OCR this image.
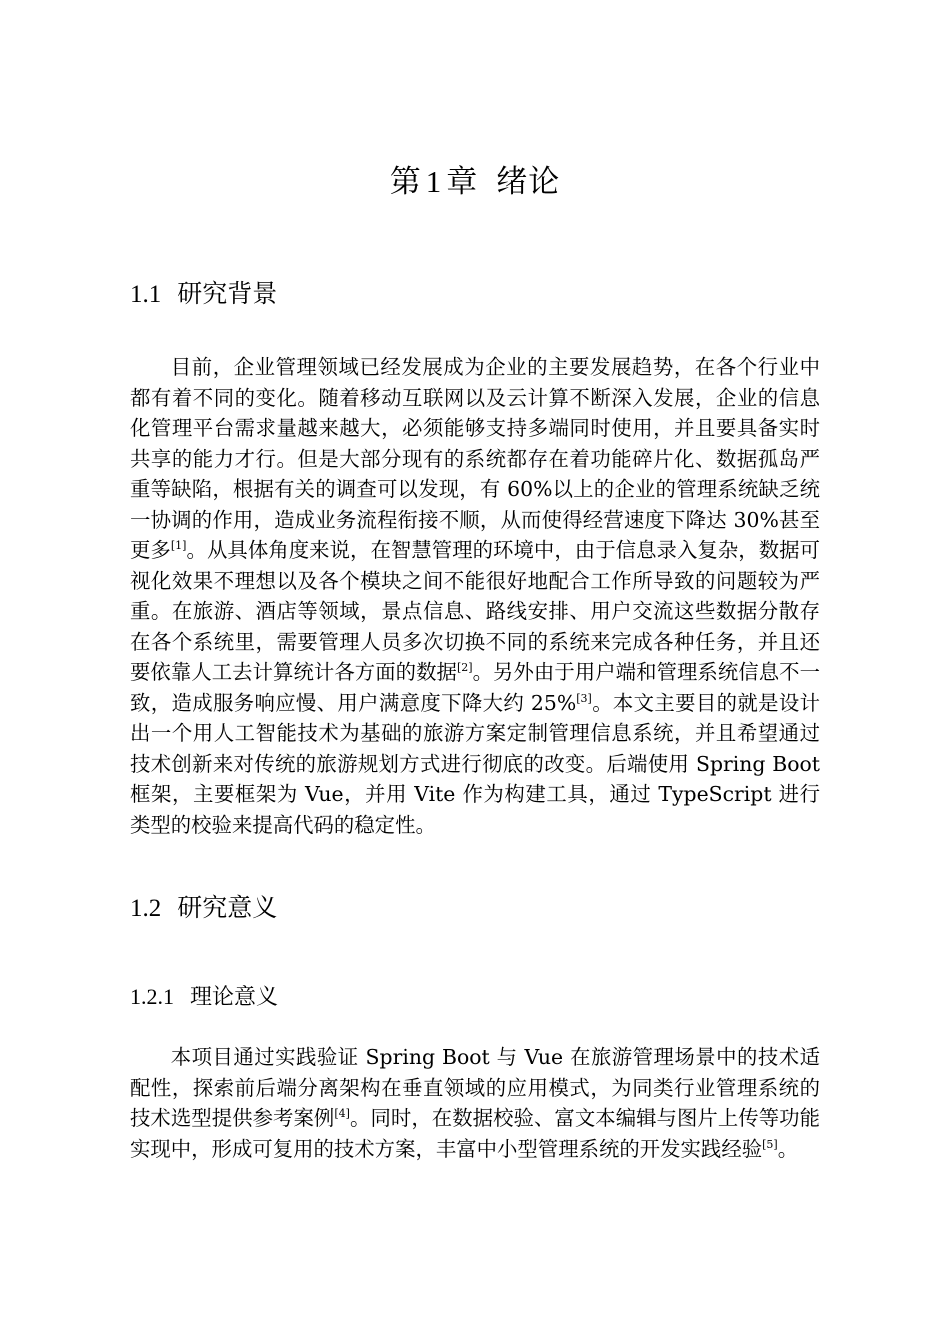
第 1 章 绪论
1.1 研究背景
目前，企业管理领域已经发展成为企业的主要发展趋势，在各个行业中都有着不同的变化。随着移动互联网以及云计算不断深入发展，企业的信息化管理平台需求量越来越大，必须能够支持多端同时使用，并且要具备实时共享的能力才行。但是大部分现有的系统都存在着功能碎片化、数据孤岛严重等缺陷，根据有关的调查可以发现，有 60%以上的企业的管理系统缺乏统一协调的作用，造成业务流程衔接不顺，从而使得经营速度下降达 30%甚至更多[1]。从具体角度来说，在智慧管理的环境中，由于信息录入复杂，数据可视化效果不理想以及各个模块之间不能很好地配合工作所导致的问题较为严重。在旅游、酒店等领域，景点信息、路线安排、用户交流这些数据分散存在各个系统里，需要管理人员多次切换不同的系统来完成各种任务，并且还要依靠人工去计算统计各方面的数据[2]。另外由于用户端和管理系统信息不一致，造成服务响应慢、用户满意度下降大约 25%[3]。本文主要目的就是设计出一个用人工智能技术为基础的旅游方案定制管理信息系统，并且希望通过技术创新来对传统的旅游规划方式进行彻底的改变。后端使用 Spring Boot 框架，主要框架为 Vue，并用 Vite 作为构建工具，通过 TypeScript 进行类型的校验来提高代码的稳定性。
1.2 研究意义
1.2.1 理论意义
本项目通过实践验证 Spring Boot 与 Vue 在旅游管理场景中的技术适配性，探索前后端分离架构在垂直领域的应用模式，为同类行业管理系统的技术选型提供参考案例[4]。同时，在数据校验、富文本编辑与图片上传等功能实现中，形成可复用的技术方案，丰富中小型管理系统的开发实践经验[5]。
